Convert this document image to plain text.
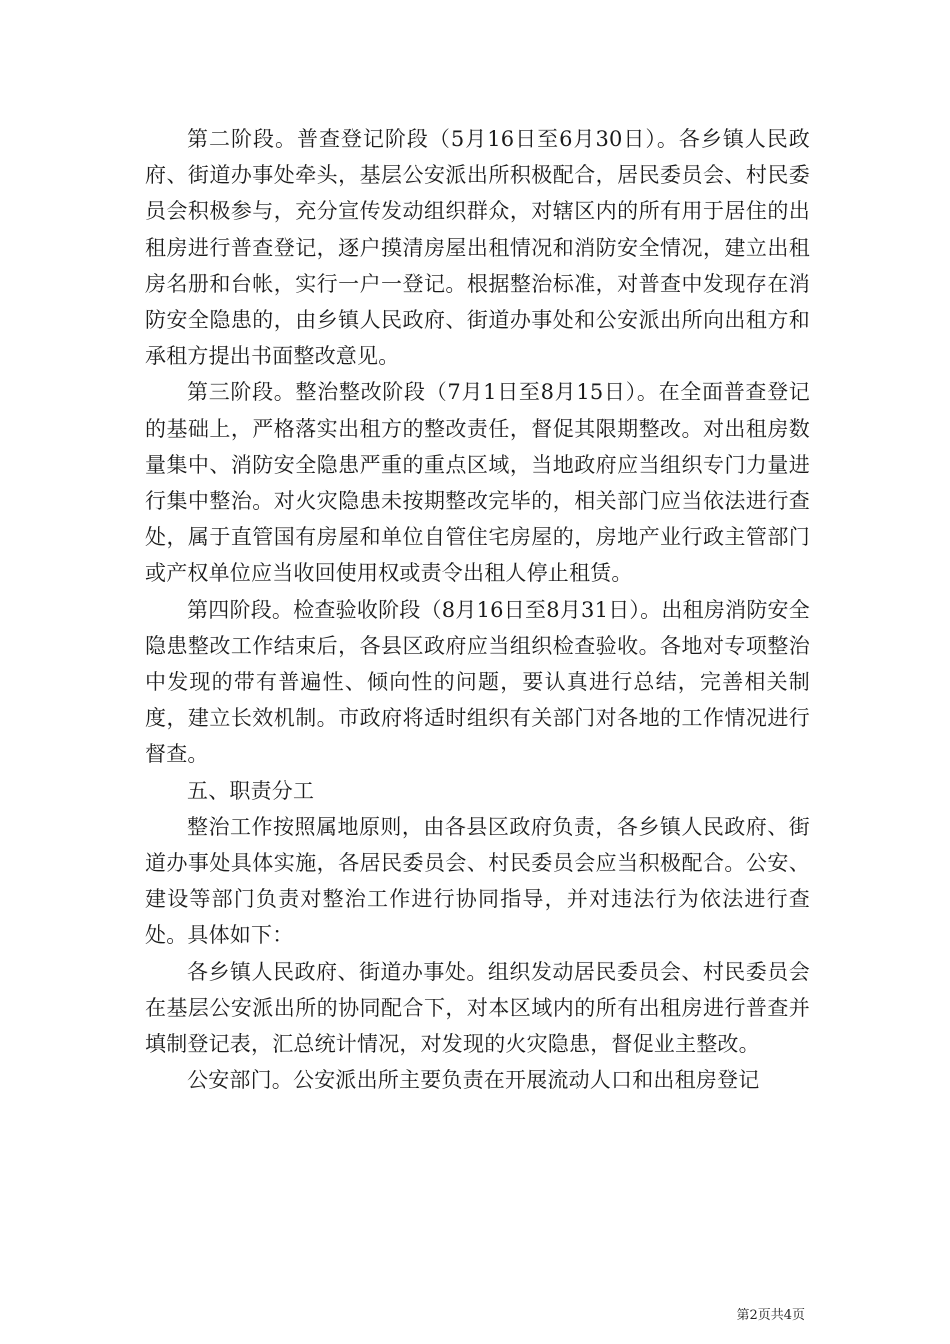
第二阶段。普查登记阶段（5月16日至6月30日）。各乡镇人民政府、街道办事处牵头，基层公安派出所积极配合，居民委员会、村民委员会积极参与，充分宣传发动组织群众，对辖区内的所有用于居住的出租房进行普查登记，逐户摸清房屋出租情况和消防安全情况，建立出租房名册和台帐，实行一户一登记。根据整治标准，对普查中发现存在消防安全隐患的，由乡镇人民政府、街道办事处和公安派出所向出租方和承租方提出书面整改意见。

第三阶段。整治整改阶段（7月1日至8月15日）。在全面普查登记的基础上，严格落实出租方的整改责任，督促其限期整改。对出租房数量集中、消防安全隐患严重的重点区域，当地政府应当组织专门力量进行集中整治。对火灾隐患未按期整改完毕的，相关部门应当依法进行查处，属于直管国有房屋和单位自管住宅房屋的，房地产业行政主管部门或产权单位应当收回使用权或责令出租人停止租赁。

第四阶段。检查验收阶段（8月16日至8月31日）。出租房消防安全隐患整改工作结束后，各县区政府应当组织检查验收。各地对专项整治中发现的带有普遍性、倾向性的问题，要认真进行总结，完善相关制度，建立长效机制。市政府将适时组织有关部门对各地的工作情况进行督查。

五、职责分工

整治工作按照属地原则，由各县区政府负责，各乡镇人民政府、街道办事处具体实施，各居民委员会、村民委员会应当积极配合。公安、建设等部门负责对整治工作进行协同指导，并对违法行为依法进行查处。具体如下：

各乡镇人民政府、街道办事处。组织发动居民委员会、村民委员会在基层公安派出所的协同配合下，对本区域内的所有出租房进行普查并填制登记表，汇总统计情况，对发现的火灾隐患，督促业主整改。

公安部门。公安派出所主要负责在开展流动人口和出租房登记

第2页共4页
